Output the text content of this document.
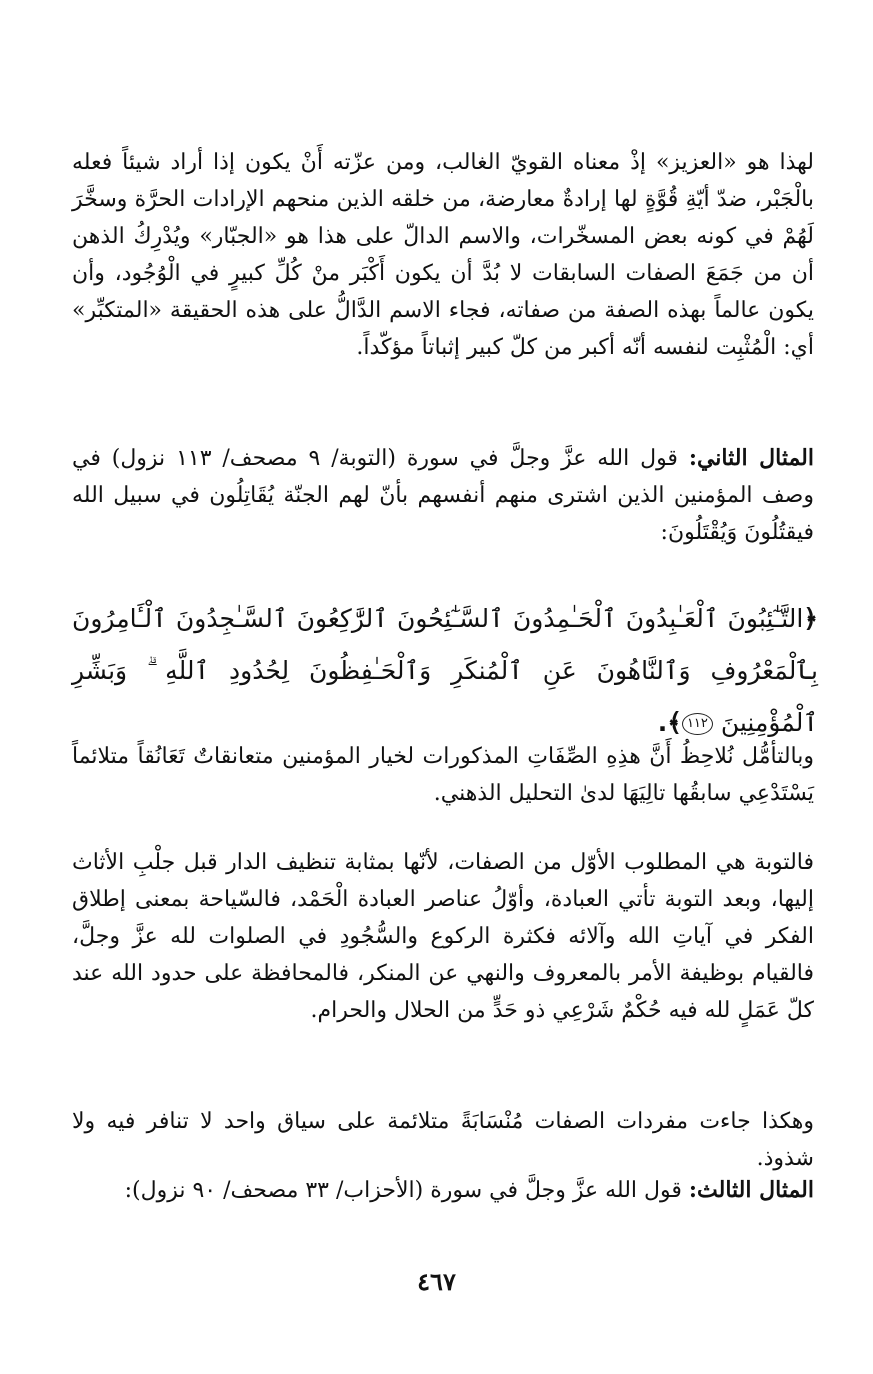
لهذا هو «العزيز» إذْ معناه القويّ الغالب، ومن عزّته أَنْ يكون إذا أراد شيئاً فعله بالْجَبْر، ضدّ أيّةِ قُوَّةٍ لها إرادةٌ معارضة، من خلقه الذين منحهم الإرادات الحرَّة وسخَّرَ لَهُمْ في كونه بعض المسخّرات، والاسم الدالّ على هذا هو «الجبّار» ويُدْرِكُ الذهن أن من جَمَعَ الصفات السابقات لا بُدَّ أن يكون أَكْبَر منْ كُلِّ كبيرٍ في الْوُجُود، وأن يكون عالماً بهذه الصفة من صفاته، فجاء الاسم الدَّالُّ على هذه الحقيقة «المتكبِّر» أي: الْمُثْبِت لنفسه أنّه أكبر من كلّ كبير إثباتاً مؤكّداً.

المثال الثاني: قول الله عزَّ وجلَّ في سورة (التوبة/ ٩ مصحف/ ١١٣ نزول) في وصف المؤمنين الذين اشترى منهم أنفسهم بأنّ لهم الجنّة يُقَاتِلُون في سبيل الله فيقتُلُونَ وَيُقْتَلُونَ:

﴿التَّـٰٓئِبُونَ ٱلْعَـٰبِدُونَ ٱلْحَـٰمِدُونَ ٱلسَّـٰٓئِحُونَ ٱلرَّٰكِعُونَ ٱلسَّـٰجِدُونَ ٱلْـَٔامِرُونَ بِٱلْمَعْرُوفِ وَٱلنَّاهُونَ عَنِ ٱلْمُنكَرِ وَٱلْحَـٰفِظُونَ لِحُدُودِ ٱللَّهِ ۗ وَبَشِّرِ ٱلْمُؤْمِنِينَ ١١٢﴾.

وبالتأمُّل نُلاحِظُ أَنَّ هذِهِ الصِّفَاتِ المذكورات لخيار المؤمنين متعانقاتٌ تَعَانُقاً متلائماً يَسْتَدْعِي سابقُها تالِيَهَا لدىٰ التحليل الذهني.

فالتوبة هي المطلوب الأوّل من الصفات، لأنّها بمثابة تنظيف الدار قبل جلْبِ الأثاث إليها، وبعد التوبة تأتي العبادة، وأوّلُ عناصر العبادة الْحَمْد، فالسّياحة بمعنى إطلاق الفكر في آياتِ الله وآلائه فكثرة الركوع والسُّجُودِ في الصلوات لله عزَّ وجلَّ، فالقيام بوظيفة الأمر بالمعروف والنهي عن المنكر، فالمحافظة على حدود الله عند كلّ عَمَلٍ لله فيه حُكْمٌ شَرْعِي ذو حَدٍّ من الحلال والحرام.

وهكذا جاءت مفردات الصفات مُنْسَابَةً متلائمة على سياق واحد لا تنافر فيه ولا شذوذ.

المثال الثالث: قول الله عزَّ وجلَّ في سورة (الأحزاب/ ٣٣ مصحف/ ٩٠ نزول):

٤٦٧
